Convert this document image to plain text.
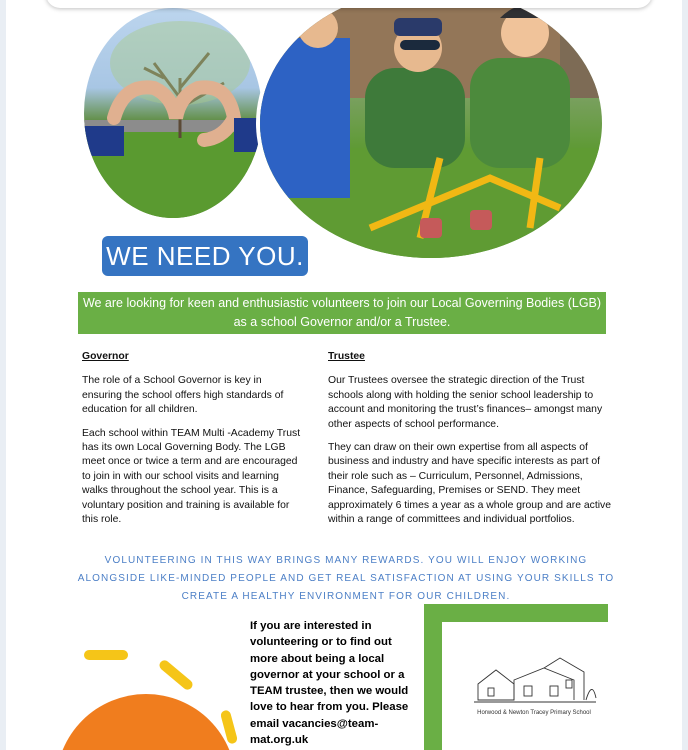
WE NEED YOU.
We are looking for keen and enthusiastic volunteers to join our Local Governing Bodies (LGB)
as a school Governor and/or a Trustee.
Governor

The role of a School Governor is key in ensuring the school offers high standards of education for all children.

Each school within TEAM Multi -Academy Trust has its own Local Governing Body. The LGB meet once or twice a term and are encouraged to join in with our school visits and learning walks throughout the school year. This is a voluntary position and training is available for this role.

Trustee

Our Trustees oversee the strategic direction of the Trust schools along with holding the senior school leadership to account and monitoring the trust’s finances– amongst many other aspects of school performance.

They can draw on their own expertise from all aspects of business and industry and have specific interests as part of their role such as – Curriculum, Personnel, Admissions, Finance, Safeguarding, Premises or SEND. They meet approximately 6 times a year as a whole group and are active within a range of committees and individual portfolios.

VOLUNTEERING IN THIS WAY BRINGS MANY REWARDS. YOU WILL ENJOY WORKING ALONGSIDE LIKE-MINDED PEOPLE AND GET REAL SATISFACTION AT USING YOUR SKILLS TO CREATE A HEALTHY ENVIRONMENT FOR OUR CHILDREN.
If you are interested in volunteering or to find out more about being a local governor at your school or a TEAM trustee, then we would love to hear from you. Please email vacancies@team-mat.org.uk
Horwood & Newton Tracey Primary School
